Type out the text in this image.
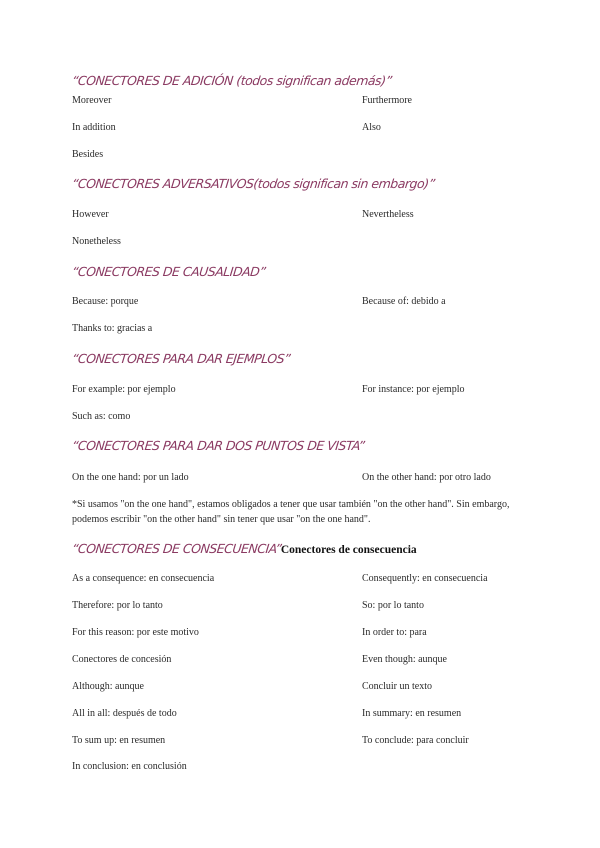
“CONECTORES DE ADICIÓN (todos significan además)”
Moreover	Furthermore
In addition	Also
Besides
“CONECTORES ADVERSATIVOS(todos significan sin embargo)”
However	Nevertheless
Nonetheless
“CONECTORES DE CAUSALIDAD”
Because: porque	Because of: debido a
Thanks to: gracias a
“CONECTORES PARA DAR EJEMPLOS”
For example: por ejemplo	For instance: por ejemplo
Such as: como
“CONECTORES PARA DAR DOS PUNTOS DE VISTA”
On the one hand: por un lado	On the other hand: por otro lado
*Si usamos "on the one hand", estamos obligados a tener que usar también "on the other hand". Sin embargo, podemos escribir "on the other hand" sin tener que usar "on the one hand".
“CONECTORES DE CONSECUENCIA”Conectores de consecuencia
As a consequence: en consecuencia	Consequently: en consecuencia
Therefore: por lo tanto	So: por lo tanto
For this reason: por este motivo	In order to: para
Conectores de concesión	Even though: aunque
Although: aunque	Concluir un texto
All in all: después de todo	In summary: en resumen
To sum up: en resumen	To conclude: para concluir
In conclusion: en conclusión
